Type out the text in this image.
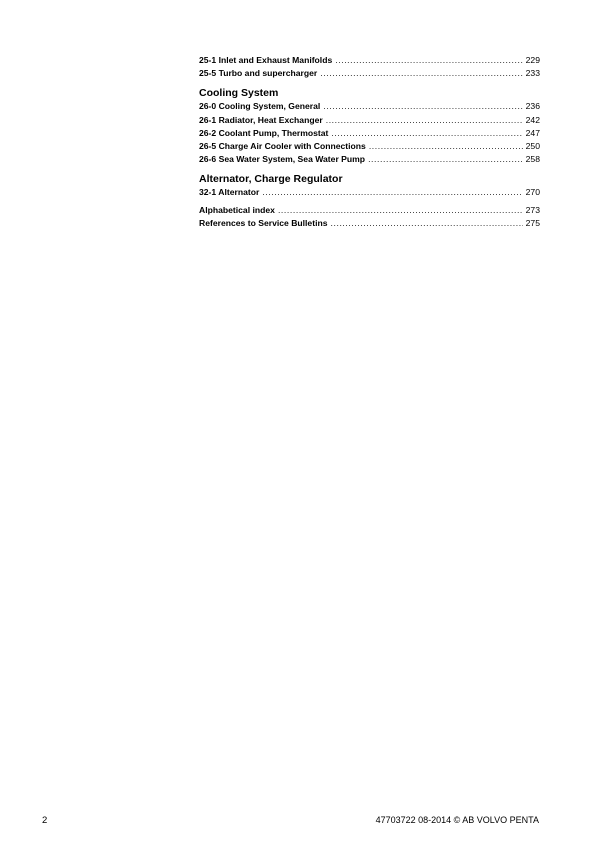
25-1 Inlet and Exhaust Manifolds .....	229
25-5 Turbo and supercharger .....	233
Cooling System
26-0 Cooling System, General .....	236
26-1 Radiator, Heat Exchanger .....	242
26-2 Coolant Pump, Thermostat .....	247
26-5 Charge Air Cooler with Connections .....	250
26-6 Sea Water System, Sea Water Pump .....	258
Alternator, Charge Regulator
32-1 Alternator .....	270
Alphabetical index .....	273
References to Service Bulletins .....	275
2	47703722 08-2014 © AB VOLVO PENTA
